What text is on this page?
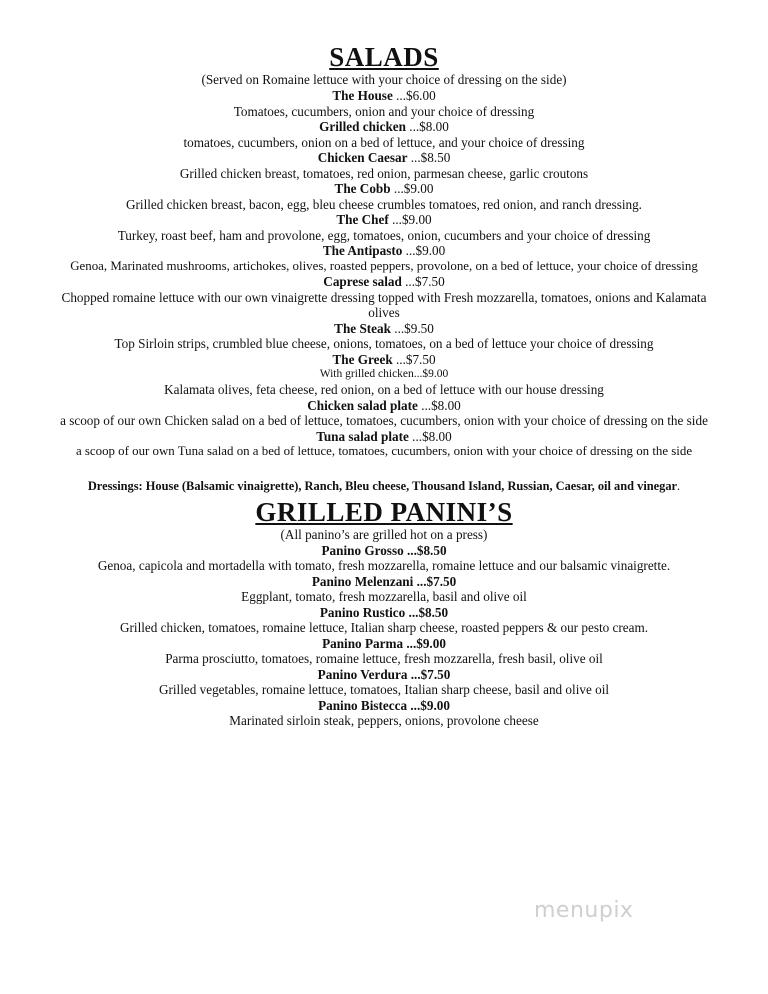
SALADS

(Served on Romaine lettuce with your choice of dressing on the side)

The House ...$6.00

Tomatoes, cucumbers, onion and your choice of dressing

Grilled chicken ...$8.00

tomatoes, cucumbers, onion on a bed of lettuce, and your choice of dressing

Chicken Caesar ...$8.50

Grilled chicken breast, tomatoes, red onion, parmesan cheese, garlic croutons

The Cobb ...$9.00

Grilled chicken breast, bacon, egg, bleu cheese crumbles tomatoes, red onion, and ranch dressing.

The Chef ...$9.00

Turkey, roast beef, ham and provolone, egg, tomatoes, onion, cucumbers and your choice of dressing

The Antipasto ...$9.00

Genoa, Marinated mushrooms, artichokes, olives, roasted peppers, provolone, on a bed of lettuce, your choice of dressing

Caprese salad ...$7.50

Chopped romaine lettuce with our own vinaigrette dressing topped with Fresh mozzarella, tomatoes, onions and Kalamata olives

The Steak ...$9.50

Top Sirloin strips, crumbled blue cheese, onions, tomatoes, on a bed of lettuce your choice of dressing

The Greek ...$7.50

With grilled chicken...$9.00

Kalamata olives, feta cheese, red onion, on a bed of lettuce with our house dressing

Chicken salad plate ...$8.00

a scoop of our own Chicken salad on a bed of lettuce, tomatoes, cucumbers, onion with your choice of dressing on the side

Tuna salad plate ...$8.00

a scoop of our own Tuna salad on a bed of lettuce, tomatoes, cucumbers, onion with your choice of dressing on the side

Dressings: House (Balsamic vinaigrette), Ranch, Bleu cheese, Thousand Island, Russian, Caesar, oil and vinegar.

GRILLED PANINI’S

(All panino’s are grilled hot on a press)

Panino Grosso ...$8.50

Genoa, capicola and mortadella with tomato, fresh mozzarella, romaine lettuce and our balsamic vinaigrette.

Panino Melenzani ...$7.50

Eggplant, tomato, fresh mozzarella, basil and olive oil

Panino Rustico ...$8.50

Grilled chicken, tomatoes, romaine lettuce, Italian sharp cheese, roasted peppers & our pesto cream.

Panino Parma ...$9.00

Parma prosciutto, tomatoes, romaine lettuce, fresh mozzarella, fresh basil, olive oil

Panino Verdura ...$7.50

Grilled vegetables, romaine lettuce, tomatoes, Italian sharp cheese, basil and olive oil

Panino Bistecca ...$9.00

Marinated sirloin steak, peppers, onions, provolone cheese

menupix
